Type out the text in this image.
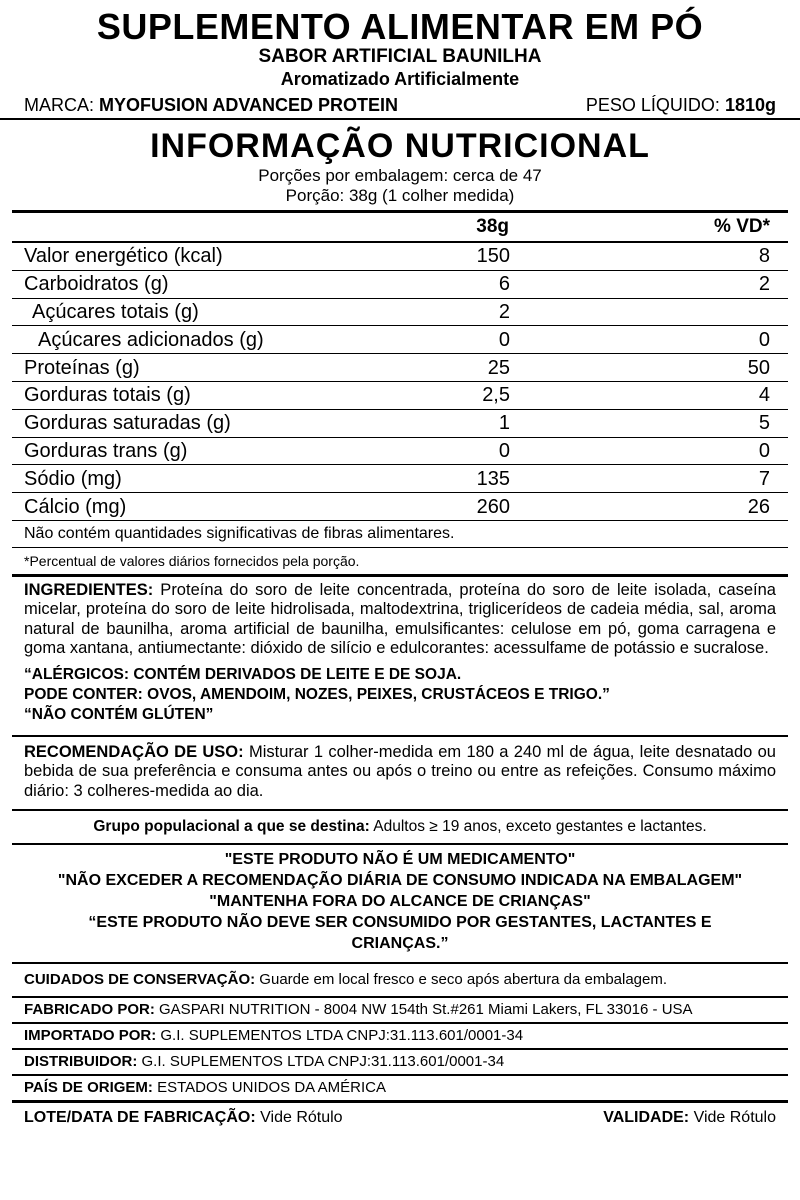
SUPLEMENTO ALIMENTAR EM PÓ
SABOR ARTIFICIAL BAUNILHA
Aromatizado Artificialmente
MARCA: MYOFUSION ADVANCED PROTEIN	PESO LÍQUIDO: 1810g
INFORMAÇÃO NUTRICIONAL
Porções por embalagem: cerca de 47
Porção: 38g (1 colher medida)
	38g	% VD*
Valor energético (kcal)	150	8
Carboidratos (g)	6	2
Açúcares totais (g)	2	
Açúcares adicionados (g)	0	0
Proteínas (g)	25	50
Gorduras totais (g)	2,5	4
Gorduras saturadas (g)	1	5
Gorduras trans (g)	0	0
Sódio (mg)	135	7
Cálcio (mg)	260	26
Não contém quantidades significativas de fibras alimentares.
*Percentual de valores diários fornecidos pela porção.
INGREDIENTES: Proteína do soro de leite concentrada, proteína do soro de leite isolada, caseína micelar, proteína do soro de leite hidrolisada, maltodextrina, triglicerídeos de cadeia média, sal, aroma natural de baunilha, aroma artificial de baunilha, emulsificantes: celulose em pó, goma carragena e goma xantana, antiumectante: dióxido de silício e edulcorantes: acessulfame de potássio e sucralose.
“ALÉRGICOS: CONTÉM DERIVADOS DE LEITE E DE SOJA.
PODE CONTER: OVOS, AMENDOIM, NOZES, PEIXES, CRUSTÁCEOS E TRIGO.”
“NÃO CONTÉM GLÚTEN”
RECOMENDAÇÃO DE USO: Misturar 1 colher-medida em 180 a 240 ml de água, leite desnatado ou bebida de sua preferência e consuma antes ou após o treino ou entre as refeições. Consumo máximo diário: 3 colheres-medida ao dia.
Grupo populacional a que se destina: Adultos ≥ 19 anos, exceto gestantes e lactantes.
"ESTE PRODUTO NÃO É UM MEDICAMENTO"
"NÃO EXCEDER A RECOMENDAÇÃO DIÁRIA DE CONSUMO INDICADA NA EMBALAGEM"
"MANTENHA FORA DO ALCANCE DE CRIANÇAS"
“ESTE PRODUTO NÃO DEVE SER CONSUMIDO POR GESTANTES, LACTANTES E CRIANÇAS.”
CUIDADOS DE CONSERVAÇÃO: Guarde em local fresco e seco após abertura da embalagem.
FABRICADO POR: GASPARI NUTRITION - 8004 NW 154th St.#261 Miami Lakers, FL 33016 - USA
IMPORTADO POR: G.I. SUPLEMENTOS LTDA CNPJ:31.113.601/0001-34
DISTRIBUIDOR: G.I. SUPLEMENTOS LTDA CNPJ:31.113.601/0001-34
PAÍS DE ORIGEM: ESTADOS UNIDOS DA AMÉRICA
LOTE/DATA DE FABRICAÇÃO: Vide Rótulo	VALIDADE: Vide Rótulo
